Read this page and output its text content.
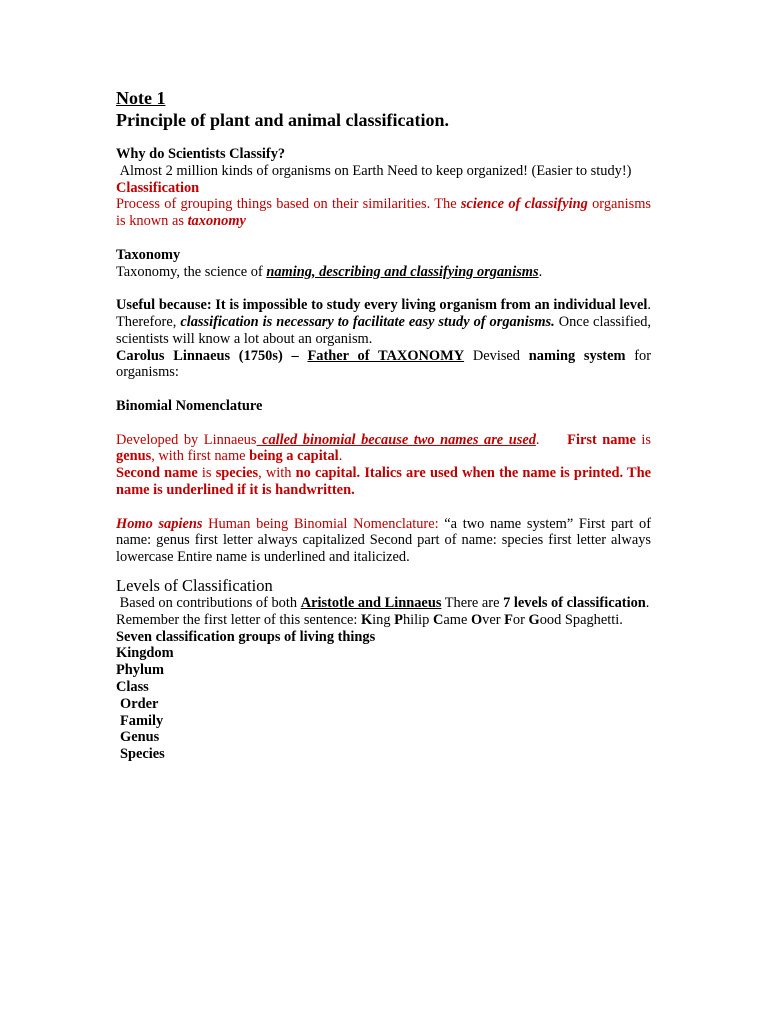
Note 1

Principle of plant and animal classification.

Why do Scientists Classify?

Almost 2 million kinds of organisms on Earth Need to keep organized! (Easier to study!)

Classification

Process of grouping things based on their similarities. The science of classifying organisms is known as taxonomy

Taxonomy

Taxonomy, the science of naming, describing and classifying organisms.

Useful because: It is impossible to study every living organism from an individual level. Therefore, classification is necessary to facilitate easy study of organisms. Once classified, scientists will know a lot about an organism.

Carolus Linnaeus (1750s) – Father of TAXONOMY Devised naming system for organisms:

Binomial Nomenclature

Developed by Linnaeus called binomial because two names are used. First name is genus, with first name being a capital.
Second name is species, with no capital. Italics are used when the name is printed. The name is underlined if it is handwritten.

Homo sapiens Human being Binomial Nomenclature: “a two name system” First part of name: genus first letter always capitalized Second part of name: species first letter always lowercase Entire name is underlined and italicized.

Levels of Classification

Based on contributions of both Aristotle and Linnaeus There are 7 levels of classification.

Remember the first letter of this sentence: King Philip Came Over For Good Spaghetti.

Seven classification groups of living things

Kingdom

Phylum

Class

Order

Family

Genus

Species
